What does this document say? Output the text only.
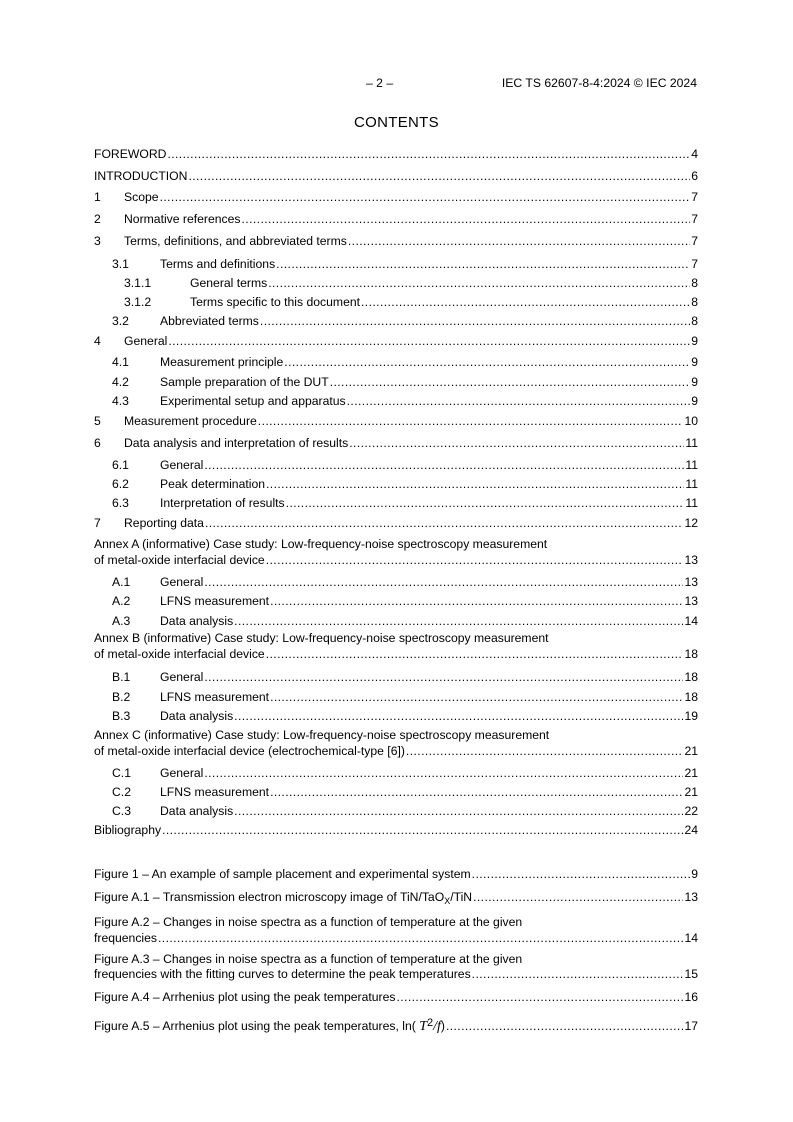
– 2 –	IEC TS 62607-8-4:2024 © IEC 2024
CONTENTS
FOREWORD .....	4
INTRODUCTION .....	6
1	Scope .....	7
2	Normative references .....	7
3	Terms, definitions, and abbreviated terms .....	7
3.1	Terms and definitions .....	7
3.1.1	General terms .....	8
3.1.2	Terms specific to this document .....	8
3.2	Abbreviated terms .....	8
4	General .....	9
4.1	Measurement principle .....	9
4.2	Sample preparation of the DUT .....	9
4.3	Experimental setup and apparatus .....	9
5	Measurement procedure .....	10
6	Data analysis and interpretation of results .....	11
6.1	General .....	11
6.2	Peak determination .....	11
6.3	Interpretation of results .....	11
7	Reporting data .....	12
Annex A (informative) Case study: Low-frequency-noise spectroscopy measurement
of metal-oxide interfacial device .....	13
A.1	General .....	13
A.2	LFNS measurement .....	13
A.3	Data analysis .....	14
Annex B (informative) Case study: Low-frequency-noise spectroscopy measurement
of metal-oxide interfacial device .....	18
B.1	General .....	18
B.2	LFNS measurement .....	18
B.3	Data analysis .....	19
Annex C (informative) Case study: Low-frequency-noise spectroscopy measurement
of metal-oxide interfacial device (electrochemical-type [6]) .....	21
C.1	General .....	21
C.2	LFNS measurement .....	21
C.3	Data analysis .....	22
Bibliography .....	24
Figure 1 – An example of sample placement and experimental system .....	9
Figure A.1 – Transmission electron microscopy image of TiN/TaO$_X$/TiN .....	13
Figure A.2 – Changes in noise spectra as a function of temperature at the given
frequencies .....	14
Figure A.3 – Changes in noise spectra as a function of temperature at the given
frequencies with the fitting curves to determine the peak temperatures .....	15
Figure A.4 – Arrhenius plot using the peak temperatures .....	16
Figure A.5 – Arrhenius plot using the peak temperatures, ln( T2/f) .....	17
